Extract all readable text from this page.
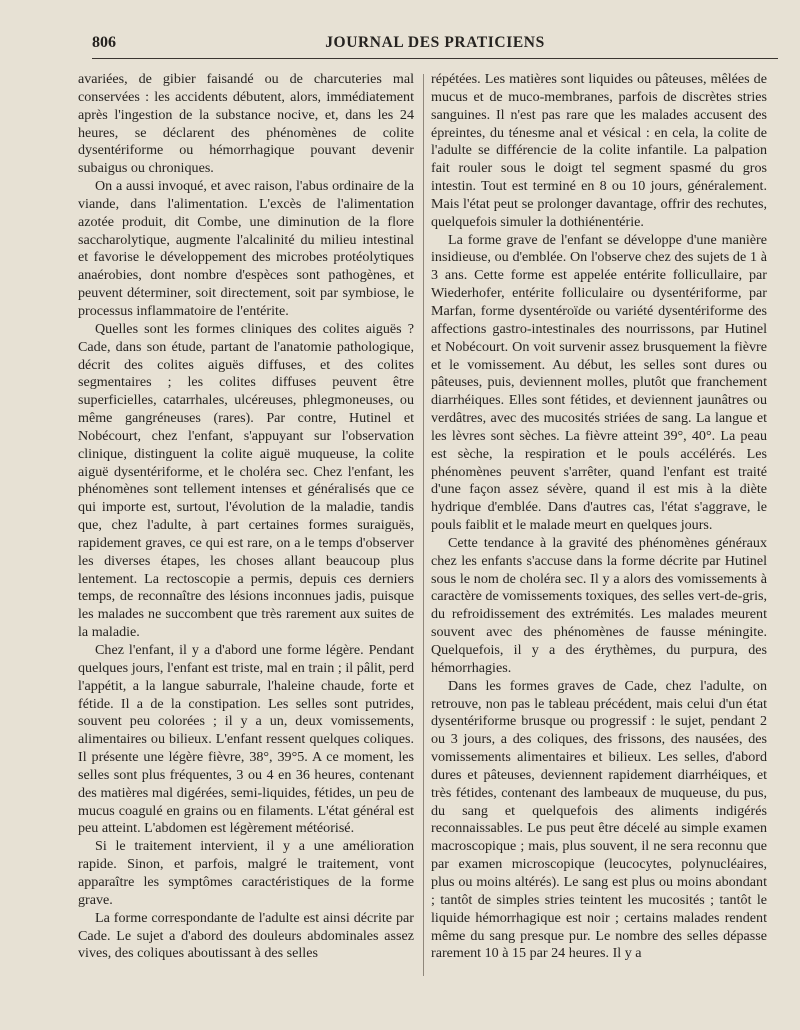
806	JOURNAL DES PRATICIENS

avariées, de gibier faisandé ou de charcuteries mal conservées : les accidents débutent, alors, immédiatement après l'ingestion de la substance nocive, et, dans les 24 heures, se déclarent des phénomènes de colite dysentériforme ou hémorrhagique pouvant devenir subaigus ou chroniques.

On a aussi invoqué, et avec raison, l'abus ordinaire de la viande, dans l'alimentation. L'excès de l'alimentation azotée produit, dit Combe, une diminution de la flore saccharolytique, augmente l'alcalinité du milieu intestinal et favorise le développement des microbes protéolytiques anaérobies, dont nombre d'espèces sont pathogènes, et peuvent déterminer, soit directement, soit par symbiose, le processus inflammatoire de l'entérite.

Quelles sont les formes cliniques des colites aiguës ? Cade, dans son étude, partant de l'anatomie pathologique, décrit des colites aiguës diffuses, et des colites segmentaires ; les colites diffuses peuvent être superficielles, catarrhales, ulcéreuses, phlegmoneuses, ou même gangréneuses (rares). Par contre, Hutinel et Nobécourt, chez l'enfant, s'appuyant sur l'observation clinique, distinguent la colite aiguë muqueuse, la colite aiguë dysentériforme, et le choléra sec. Chez l'enfant, les phénomènes sont tellement intenses et généralisés que ce qui importe est, surtout, l'évolution de la maladie, tandis que, chez l'adulte, à part certaines formes suraiguës, rapidement graves, ce qui est rare, on a le temps d'observer les diverses étapes, les choses allant beaucoup plus lentement. La rectoscopie a permis, depuis ces derniers temps, de reconnaître des lésions inconnues jadis, puisque les malades ne succombent que très rarement aux suites de la maladie.

Chez l'enfant, il y a d'abord une forme légère. Pendant quelques jours, l'enfant est triste, mal en train ; il pâlit, perd l'appétit, a la langue saburrale, l'haleine chaude, forte et fétide. Il a de la constipation. Les selles sont putrides, souvent peu colorées ; il y a un, deux vomissements, alimentaires ou bilieux. L'enfant ressent quelques coliques. Il présente une légère fièvre, 38°, 39°5. A ce moment, les selles sont plus fréquentes, 3 ou 4 en 36 heures, contenant des matières mal digérées, semi-liquides, fétides, un peu de mucus coagulé en grains ou en filaments. L'état général est peu atteint. L'abdomen est légèrement météorisé.

Si le traitement intervient, il y a une amélioration rapide. Sinon, et parfois, malgré le traitement, vont apparaître les symptômes caractéristiques de la forme grave.

La forme correspondante de l'adulte est ainsi décrite par Cade. Le sujet a d'abord des douleurs abdominales assez vives, des coliques aboutissant à des selles

répétées. Les matières sont liquides ou pâteuses, mêlées de mucus et de muco-membranes, parfois de discrètes stries sanguines. Il n'est pas rare que les malades accusent des épreintes, du ténesme anal et vésical : en cela, la colite de l'adulte se différencie de la colite infantile. La palpation fait rouler sous le doigt tel segment spasmé du gros intestin. Tout est terminé en 8 ou 10 jours, généralement. Mais l'état peut se prolonger davantage, offrir des rechutes, quelquefois simuler la dothiénentérie.

La forme grave de l'enfant se développe d'une manière insidieuse, ou d'emblée. On l'observe chez des sujets de 1 à 3 ans. Cette forme est appelée entérite follicullaire, par Wiederhofer, entérite folliculaire ou dysentériforme, par Marfan, forme dysentéroïde ou variété dysentériforme des affections gastro-intestinales des nourrissons, par Hutinel et Nobécourt. On voit survenir assez brusquement la fièvre et le vomissement. Au début, les selles sont dures ou pâteuses, puis, deviennent molles, plutôt que franchement diarrhéiques. Elles sont fétides, et deviennent jaunâtres ou verdâtres, avec des mucosités striées de sang. La langue et les lèvres sont sèches. La fièvre atteint 39°, 40°. La peau est sèche, la respiration et le pouls accélérés. Les phénomènes peuvent s'arrêter, quand l'enfant est traité d'une façon assez sévère, quand il est mis à la diète hydrique d'emblée. Dans d'autres cas, l'état s'aggrave, le pouls faiblit et le malade meurt en quelques jours.

Cette tendance à la gravité des phénomènes généraux chez les enfants s'accuse dans la forme décrite par Hutinel sous le nom de choléra sec. Il y a alors des vomissements à caractère de vomissements toxiques, des selles vert-de-gris, du refroidissement des extrémités. Les malades meurent souvent avec des phénomènes de fausse méningite. Quelquefois, il y a des érythèmes, du purpura, des hémorrhagies.

Dans les formes graves de Cade, chez l'adulte, on retrouve, non pas le tableau précédent, mais celui d'un état dysentériforme brusque ou progressif : le sujet, pendant 2 ou 3 jours, a des coliques, des frissons, des nausées, des vomissements alimentaires et bilieux. Les selles, d'abord dures et pâteuses, deviennent rapidement diarrhéiques, et très fétides, contenant des lambeaux de muqueuse, du pus, du sang et quelquefois des aliments indigérés reconnaissables. Le pus peut être décelé au simple examen macroscopique ; mais, plus souvent, il ne sera reconnu que par examen microscopique (leucocytes, polynucléaires, plus ou moins altérés). Le sang est plus ou moins abondant ; tantôt de simples stries teintent les mucosités ; tantôt le liquide hémorrhagique est noir ; certains malades rendent même du sang presque pur. Le nombre des selles dépasse rarement 10 à 15 par 24 heures. Il y a
